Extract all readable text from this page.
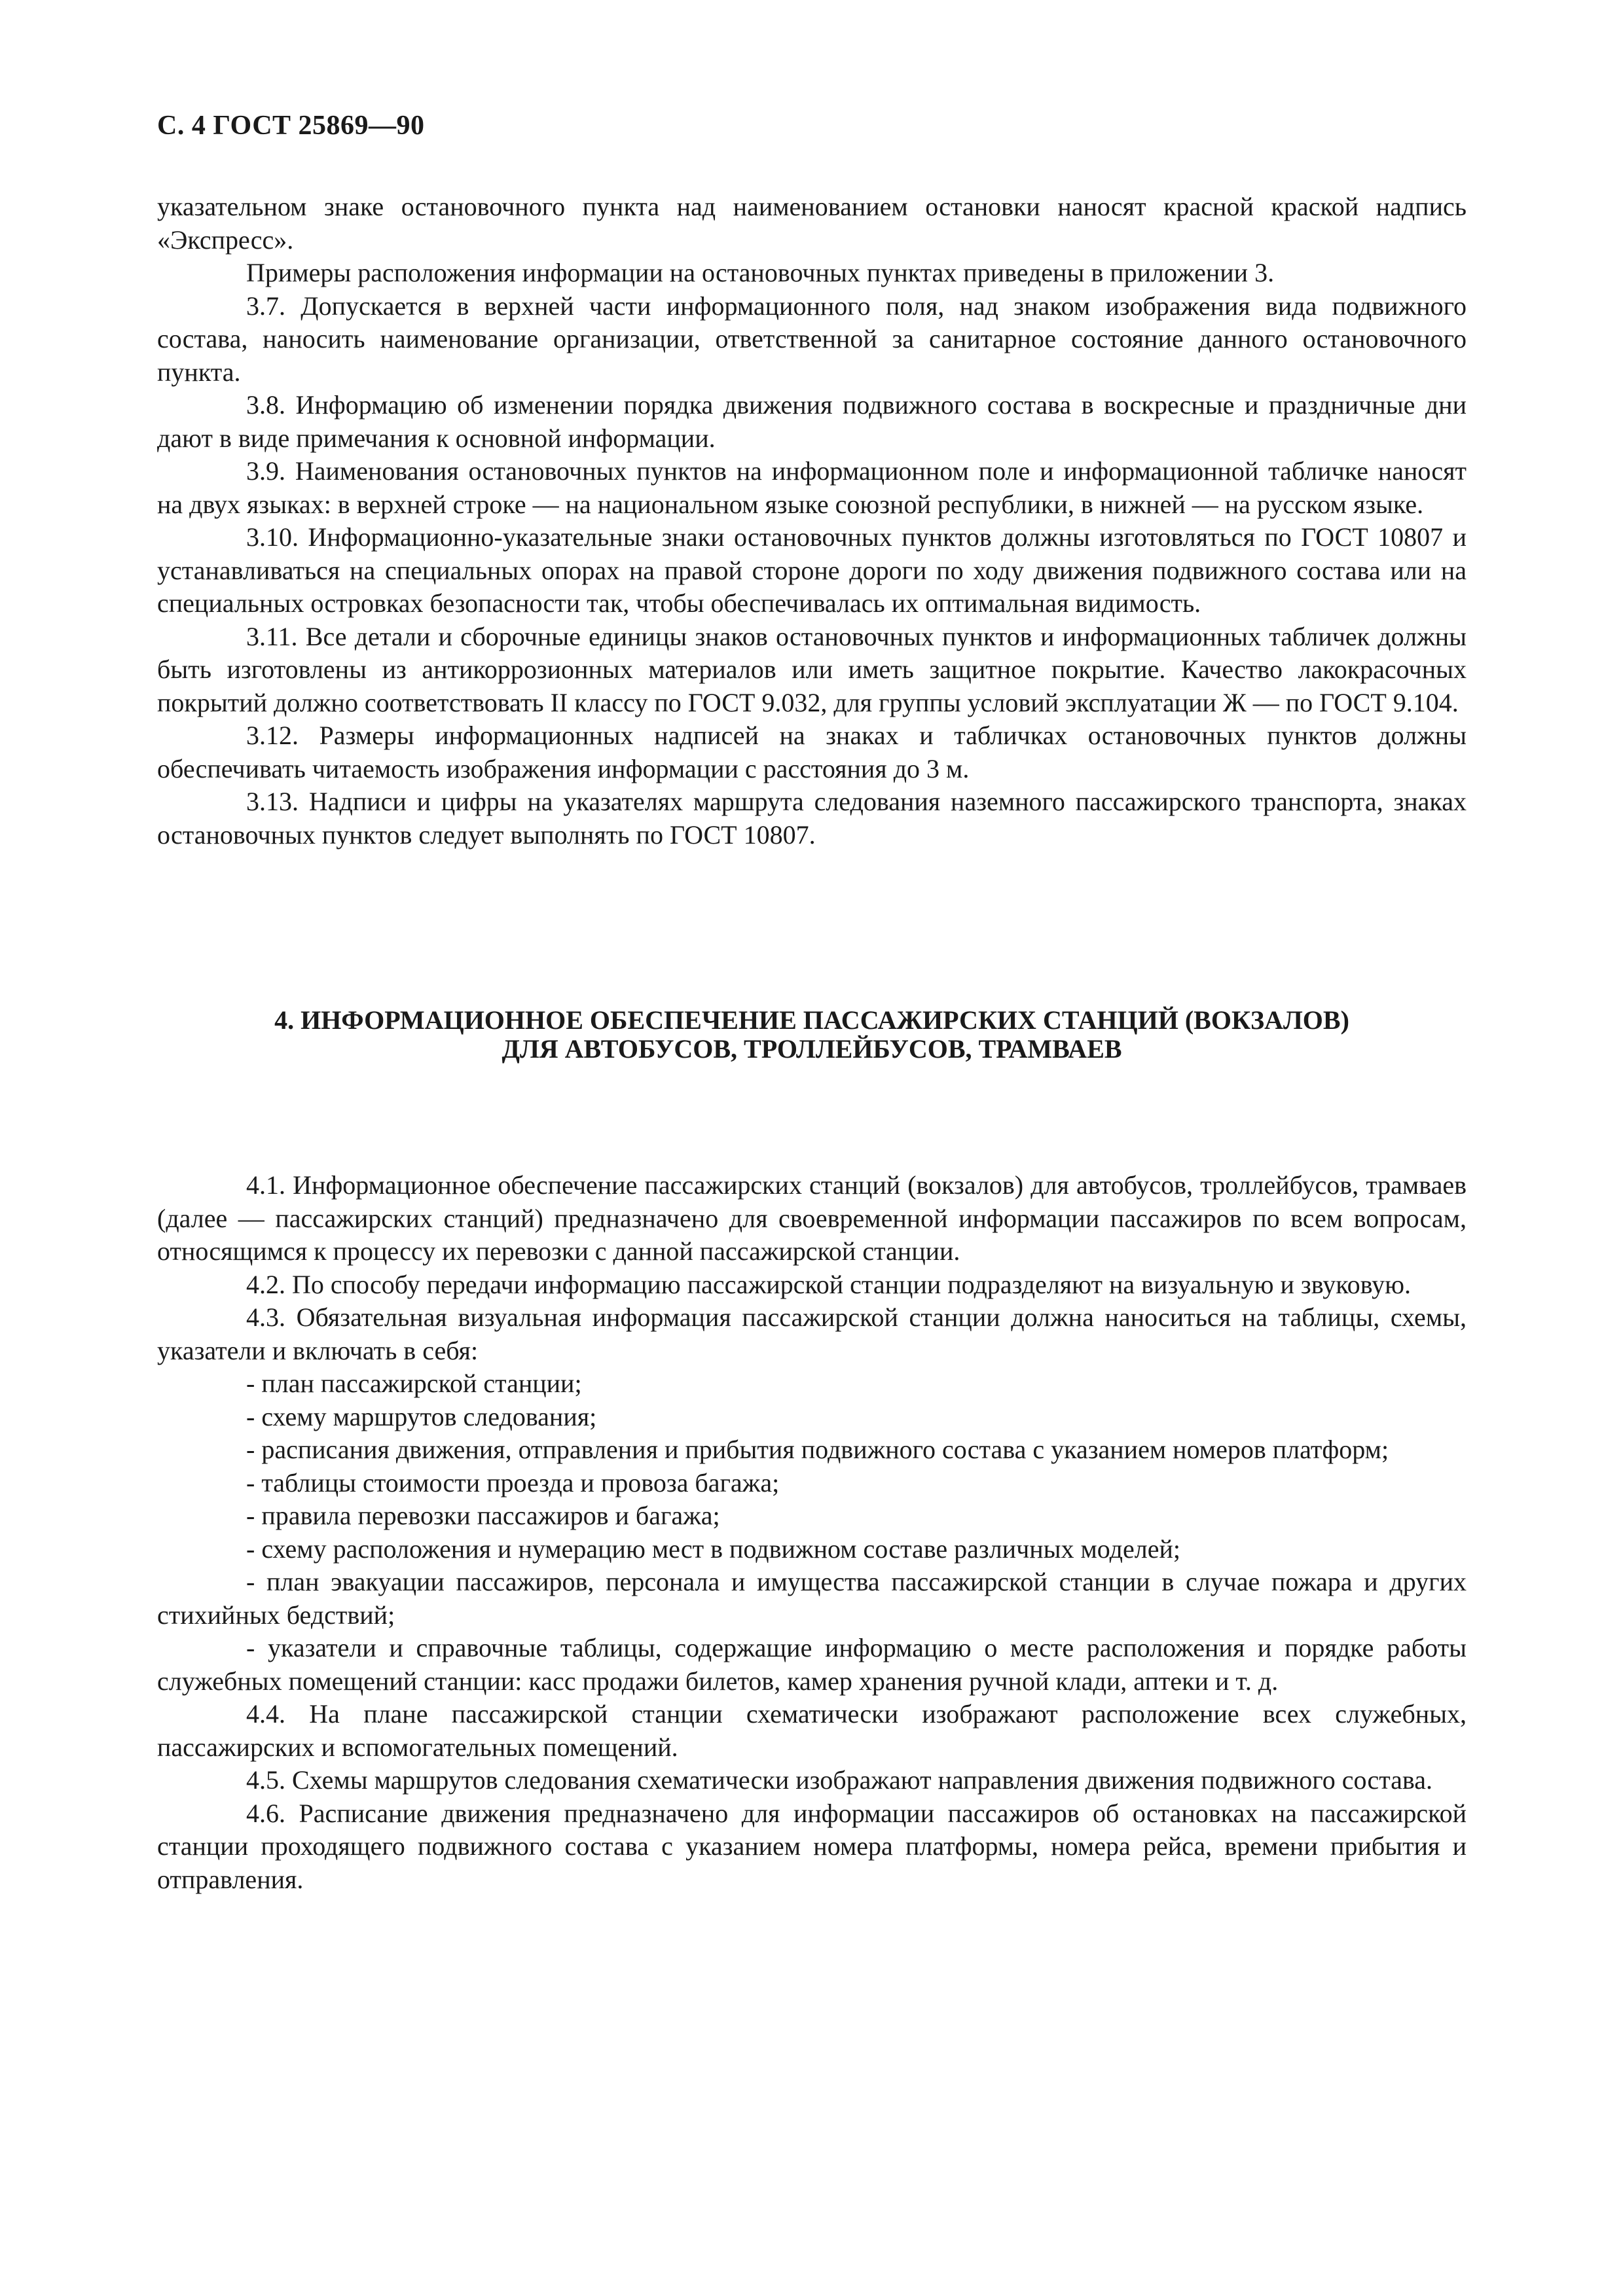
С. 4 ГОСТ 25869—90

указательном знаке остановочного пункта над наименованием остановки наносят красной краской надпись «Экспресс».

Примеры расположения информации на остановочных пунктах приведены в приложении 3.

3.7. Допускается в верхней части информационного поля, над знаком изображения вида подвижного состава, наносить наименование организации, ответственной за санитарное состояние данного остановочного пункта.

3.8. Информацию об изменении порядка движения подвижного состава в воскресные и праздничные дни дают в виде примечания к основной информации.

3.9. Наименования остановочных пунктов на информационном поле и информационной табличке наносят на двух языках: в верхней строке — на национальном языке союзной республики, в нижней — на русском языке.

3.10. Информационно-указательные знаки остановочных пунктов должны изготовляться по ГОСТ 10807 и устанавливаться на специальных опорах на правой стороне дороги по ходу движения подвижного состава или на специальных островках безопасности так, чтобы обеспечивалась их оптимальная видимость.

3.11. Все детали и сборочные единицы знаков остановочных пунктов и информационных табличек должны быть изготовлены из антикоррозионных материалов или иметь защитное покрытие. Качество лакокрасочных покрытий должно соответствовать II классу по ГОСТ 9.032, для группы условий эксплуатации Ж — по ГОСТ 9.104.

3.12. Размеры информационных надписей на знаках и табличках остановочных пунктов должны обеспечивать читаемость изображения информации с расстояния до 3 м.

3.13. Надписи и цифры на указателях маршрута следования наземного пассажирского транспорта, знаках остановочных пунктов следует выполнять по ГОСТ 10807.

4. ИНФОРМАЦИОННОЕ ОБЕСПЕЧЕНИЕ ПАССАЖИРСКИХ СТАНЦИЙ (ВОКЗАЛОВ)
ДЛЯ АВТОБУСОВ, ТРОЛЛЕЙБУСОВ, ТРАМВАЕВ

4.1. Информационное обеспечение пассажирских станций (вокзалов) для автобусов, троллейбусов, трамваев (далее — пассажирских станций) предназначено для своевременной информации пассажиров по всем вопросам, относящимся к процессу их перевозки с данной пассажирской станции.

4.2. По способу передачи информацию пассажирской станции подразделяют на визуальную и звуковую.

4.3. Обязательная визуальная информация пассажирской станции должна наноситься на таблицы, схемы, указатели и включать в себя:

- план пассажирской станции;

- схему маршрутов следования;

- расписания движения, отправления и прибытия подвижного состава с указанием номеров платформ;

- таблицы стоимости проезда и провоза багажа;

- правила перевозки пассажиров и багажа;

- схему расположения и нумерацию мест в подвижном составе различных моделей;

- план эвакуации пассажиров, персонала и имущества пассажирской станции в случае пожара и других стихийных бедствий;

- указатели и справочные таблицы, содержащие информацию о месте расположения и порядке работы служебных помещений станции: касс продажи билетов, камер хранения ручной клади, аптеки и т. д.

4.4. На плане пассажирской станции схематически изображают расположение всех служебных, пассажирских и вспомогательных помещений.

4.5. Схемы маршрутов следования схематически изображают направления движения подвижного состава.

4.6. Расписание движения предназначено для информации пассажиров об остановках на пассажирской станции проходящего подвижного состава с указанием номера платформы, номера рейса, времени прибытия и отправления.
